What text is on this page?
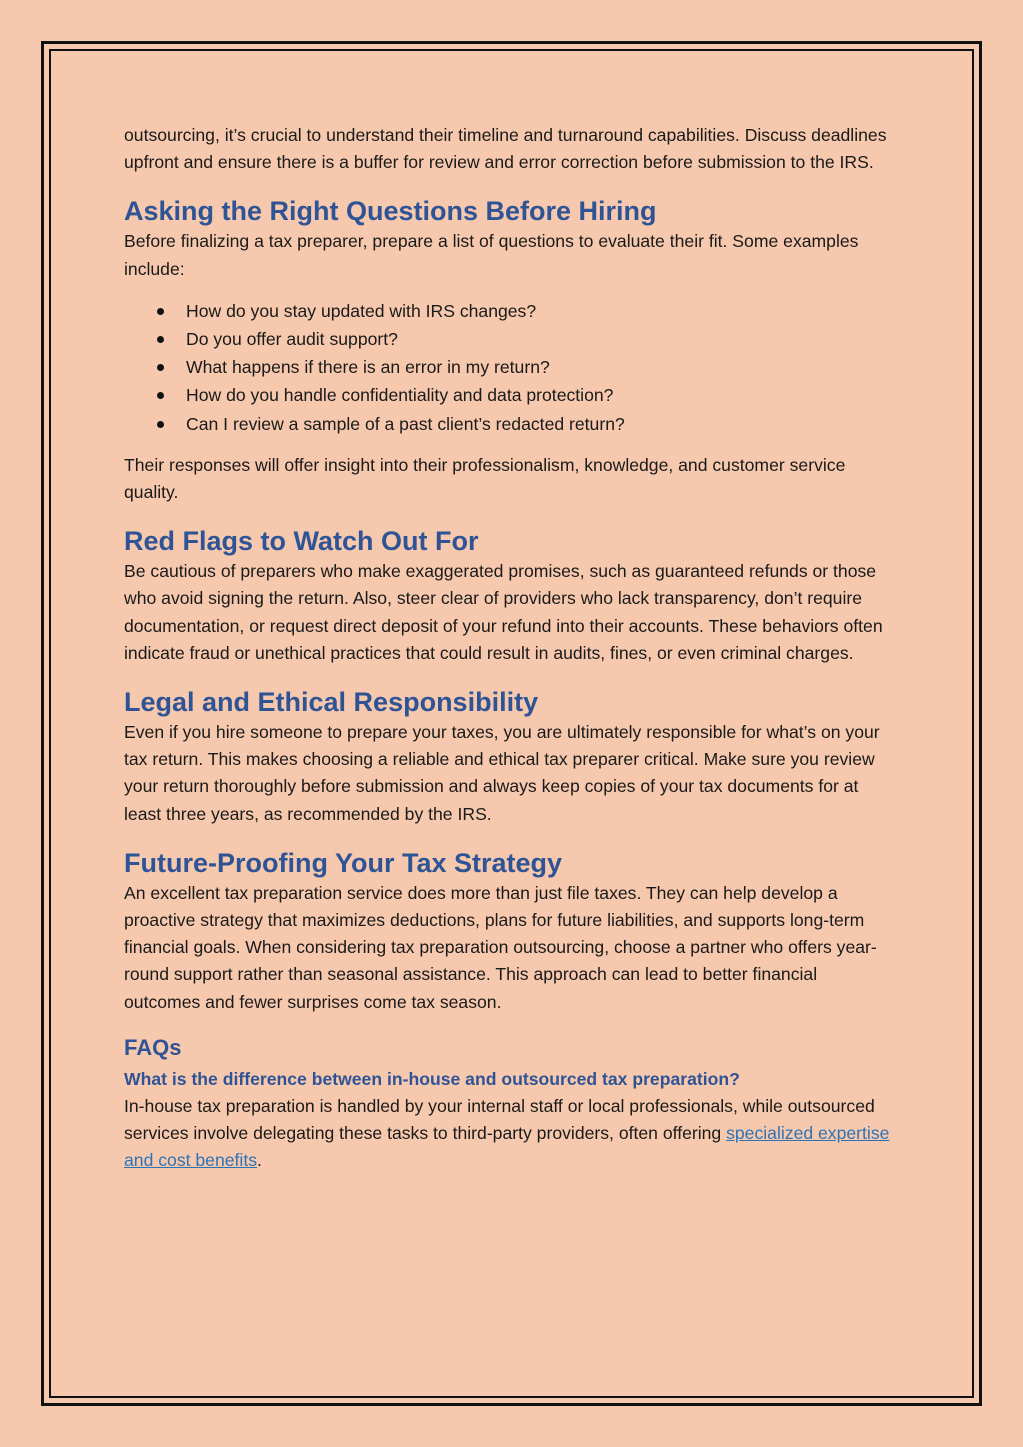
outsourcing, it’s crucial to understand their timeline and turnaround capabilities. Discuss deadlines upfront and ensure there is a buffer for review and error correction before submission to the IRS.

Asking the Right Questions Before Hiring

Before finalizing a tax preparer, prepare a list of questions to evaluate their fit. Some examples include:

How do you stay updated with IRS changes?
Do you offer audit support?
What happens if there is an error in my return?
How do you handle confidentiality and data protection?
Can I review a sample of a past client’s redacted return?

Their responses will offer insight into their professionalism, knowledge, and customer service quality.

Red Flags to Watch Out For

Be cautious of preparers who make exaggerated promises, such as guaranteed refunds or those who avoid signing the return. Also, steer clear of providers who lack transparency, don’t require documentation, or request direct deposit of your refund into their accounts. These behaviors often indicate fraud or unethical practices that could result in audits, fines, or even criminal charges.

Legal and Ethical Responsibility

Even if you hire someone to prepare your taxes, you are ultimately responsible for what’s on your tax return. This makes choosing a reliable and ethical tax preparer critical. Make sure you review your return thoroughly before submission and always keep copies of your tax documents for at least three years, as recommended by the IRS.

Future-Proofing Your Tax Strategy

An excellent tax preparation service does more than just file taxes. They can help develop a proactive strategy that maximizes deductions, plans for future liabilities, and supports long-term financial goals. When considering tax preparation outsourcing, choose a partner who offers year-round support rather than seasonal assistance. This approach can lead to better financial outcomes and fewer surprises come tax season.

FAQs
What is the difference between in-house and outsourced tax preparation?

In-house tax preparation is handled by your internal staff or local professionals, while outsourced services involve delegating these tasks to third-party providers, often offering specialized expertise and cost benefits.
